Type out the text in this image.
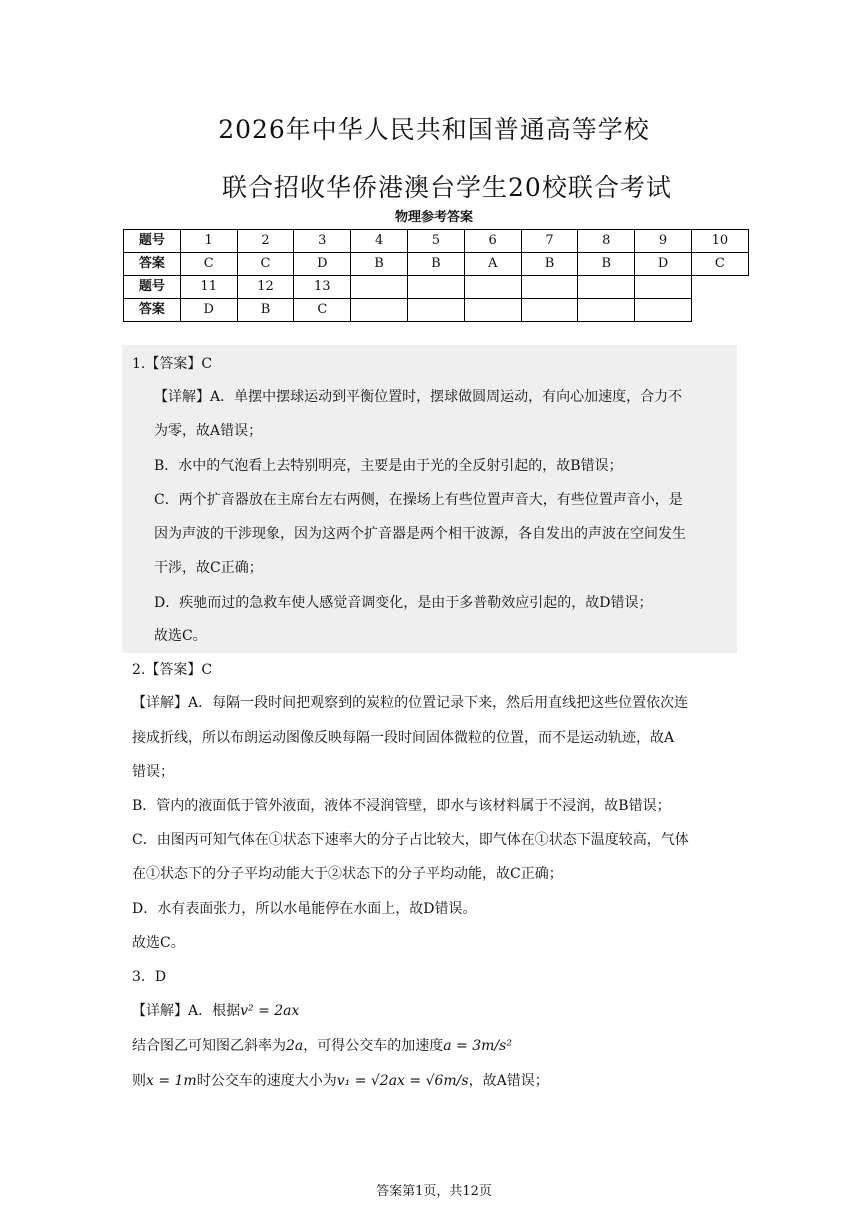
2026年中华人民共和国普通高等学校
联合招收华侨港澳台学生20校联合考试
物理参考答案
题号	1	2	3	4	5	6	7	8	9	10
答案	C	C	D	B	B	A	B	B	D	C
题号	11	12	13							
答案	D	B	C							
1.【答案】C
【详解】A．单摆中摆球运动到平衡位置时，摆球做圆周运动，有向心加速度，合力不
为零，故A错误；
B．水中的气泡看上去特别明亮，主要是由于光的全反射引起的，故B错误；
C．两个扩音器放在主席台左右两侧，在操场上有些位置声音大，有些位置声音小，是
因为声波的干涉现象，因为这两个扩音器是两个相干波源，各自发出的声波在空间发生
干涉，故C正确；
D．疾驰而过的急救车使人感觉音调变化，是由于多普勒效应引起的，故D错误；
故选C。
2.【答案】C
【详解】A．每隔一段时间把观察到的炭粒的位置记录下来，然后用直线把这些位置依次连
接成折线，所以布朗运动图像反映每隔一段时间固体微粒的位置，而不是运动轨迹，故A
错误；
B．管内的液面低于管外液面，液体不浸润管壁，即水与该材料属于不浸润，故B错误；
C．由图丙可知气体在①状态下速率大的分子占比较大，即气体在①状态下温度较高，气体
在①状态下的分子平均动能大于②状态下的分子平均动能，故C正确；
D．水有表面张力，所以水黾能停在水面上，故D错误。
故选C。
3．D
【详解】A．根据v² = 2ax
结合图乙可知图乙斜率为2a，可得公交车的加速度a = 3m/s²
则x = 1m时公交车的速度大小为v₁ = √2ax = √6m/s，故A错误；
答案第1页，共12页
